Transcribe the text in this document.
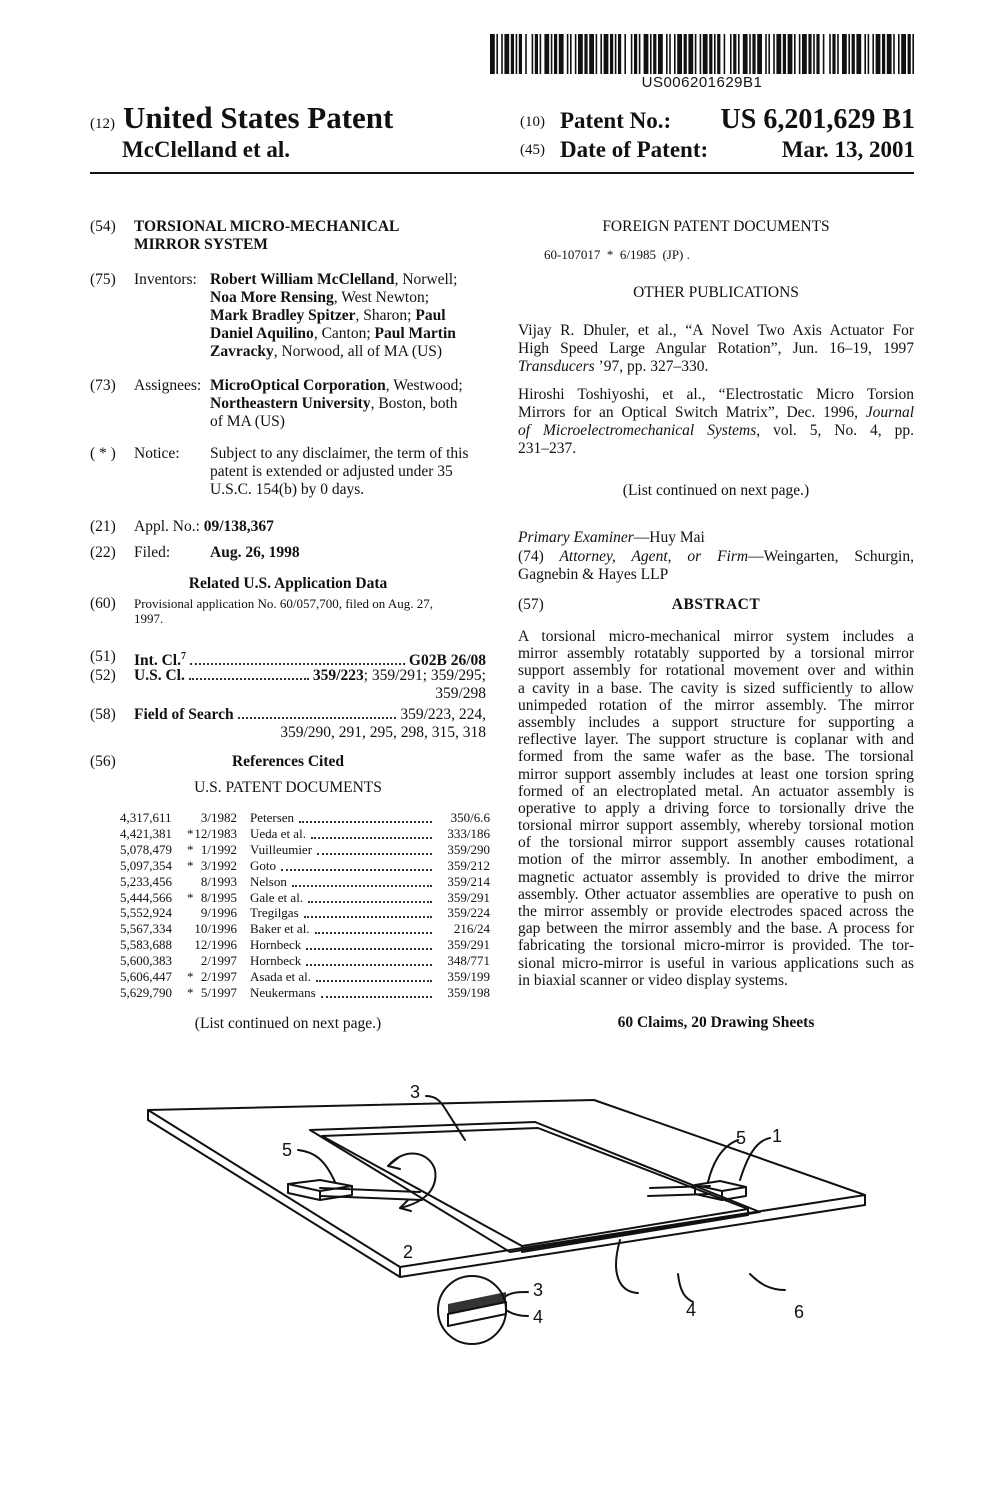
US006201629B1
(12) United States Patent
McClelland et al.
(10) Patent No.: US 6,201,629 B1
(45) Date of Patent:	Mar. 13, 2001
(54) TORSIONAL MICRO-MECHANICAL
MIRROR SYSTEM
(75) Inventors: Robert William McClelland, Norwell;
Noa More Rensing, West Newton;
Mark Bradley Spitzer, Sharon; Paul
Daniel Aquilino, Canton; Paul Martin
Zavracky, Norwood, all of MA (US)
(73) Assignees: MicroOptical Corporation, Westwood;
Northeastern University, Boston, both
of MA (US)
( * ) Notice: Subject to any disclaimer, the term of this
patent is extended or adjusted under 35
U.S.C. 154(b) by 0 days.
(21) Appl. No.: 09/138,367
(22) Filed:	Aug. 26, 1998
Related U.S. Application Data
(60) Provisional application No. 60/057,700, filed on Aug. 27,
1997.
(51) Int. Cl.$^7$	G02B 26/08
(52) U.S. Cl.	359/223; 359/291; 359/295;
359/298
(58) Field of Search	359/223, 224,
359/290, 291, 295, 298, 315, 318
(56)	References Cited
U.S. PATENT DOCUMENTS
4,317,611 3/1982 Petersen	350/6.6
4,421,381 * 12/1983 Ueda et al.	333/186
5,078,479 * 1/1992 Vuilleumier	359/290
5,097,354 * 3/1992 Goto	359/212
5,233,456 8/1993 Nelson	359/214
5,444,566 * 8/1995 Gale et al.	359/291
5,552,924 9/1996 Tregilgas	359/224
5,567,334 10/1996 Baker et al.	216/24
5,583,688 12/1996 Hornbeck	359/291
5,600,383 2/1997 Hornbeck	348/771
5,606,447 * 2/1997 Asada et al.	359/199
5,629,790 * 5/1997 Neukermans	359/198
(List continued on next page.)
FOREIGN PATENT DOCUMENTS
60-107017  *  6/1985  (JP) .
OTHER PUBLICATIONS
Vijay R. Dhuler, et al., “A Novel Two Axis Actuator For
High Speed Large Angular Rotation”, Jun. 16–19, 1997
Transducers ’97, pp. 327–330.
Hiroshi Toshiyoshi, et al., “Electrostatic Micro Torsion
Mirrors for an Optical Switch Matrix”, Dec. 1996, Journal
of Microelectromechanical Systems, vol. 5, No. 4, pp.
231–237.
(List continued on next page.)
Primary Examiner—Huy Mai
(74) Attorney, Agent, or Firm—Weingarten, Schurgin,
Gagnebin & Hayes LLP
(57)	ABSTRACT
A torsional micro-mechanical mirror system includes a
mirror assembly rotatably supported by a torsional mirror
support assembly for rotational movement over and within
a cavity in a base. The cavity is sized sufficiently to allow
unimpeded rotation of the mirror assembly. The mirror
assembly includes a support structure for supporting a
reflective layer. The support structure is coplanar with and
formed from the same wafer as the base. The torsional
mirror support assembly includes at least one torsion spring
formed of an electroplated metal. An actuator assembly is
operative to apply a driving force to torsionally drive the
torsional mirror support assembly, whereby torsional motion
of the torsional mirror support assembly causes rotational
motion of the mirror assembly. In another embodiment, a
magnetic actuator assembly is provided to drive the mirror
assembly. Other actuator assemblies are operative to push on
the mirror assembly or provide electrodes spaced across the
gap between the mirror assembly and the base. A process for
fabricating the torsional micro-mirror is provided. The tor-
sional micro-mirror is useful in various applications such as
in biaxial scanner or video display systems.
60 Claims, 20 Drawing Sheets
3
5
1
5
2
4	6
3
4
